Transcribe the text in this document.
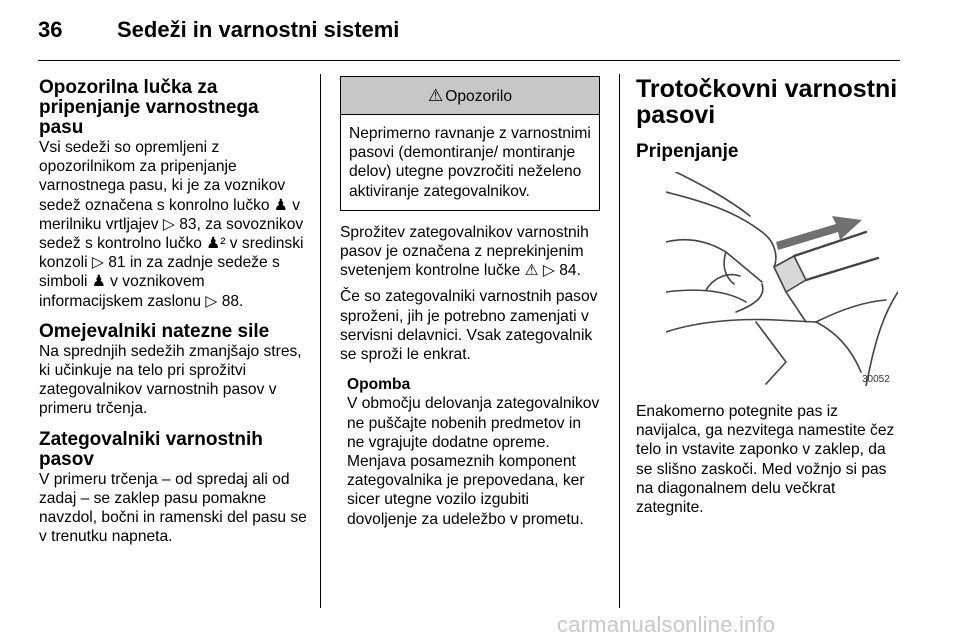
36 Sedeži in varnostni sistemi
Opozorilna lučka za pripenjanje varnostnega pasu

Vsi sedeži so opremljeni z opozorilnikom za pripenjanje varnostnega pasu, ki je za voznikov sedež označena s konrolno lučko ♟ v merilniku vrtljajev ▷ 83, za sovoznikov sedež s kontrolno lučko ♟² v sredinski konzoli ▷ 81 in za zadnje sedeže s simboli ♟ v voznikovem informacijskem zaslonu ▷ 88.

Omejevalniki natezne sile

Na sprednjih sedežih zmanjšajo stres, ki učinkuje na telo pri sprožitvi zategovalnikov varnostnih pasov v primeru trčenja.

Zategovalniki varnostnih pasov

V primeru trčenja – od spredaj ali od zadaj – se zaklep pasu pomakne navzdol, bočni in ramenski del pasu se v trenutku napneta.

⚠ Opozorilo
Neprimerno ravnanje z varnostnimi pasovi (demontiranje/ montiranje delov) utegne povzročiti neželeno aktiviranje zategovalnikov.

Sprožitev zategovalnikov varnostnih pasov je označena z neprekinjenim svetenjem kontrolne lučke ⚠ ▷ 84.

Če so zategovalniki varnostnih pasov sproženi, jih je potrebno zamenjati v servisni delavnici. Vsak zategovalnik se sproži le enkrat.

Opomba
V območju delovanja zategovalnikov ne puščajte nobenih predmetov in ne vgrajujte dodatne opreme. Menjava posameznih komponent zategovalnika je prepovedana, ker sicer utegne vozilo izgubiti dovoljenje za udeležbo v prometu.
Trotočkovni varnostni pasovi
Pripenjanje
30052
Enakomerno potegnite pas iz navijalca, ga nezvitega namestite čez telo in vstavite zaponko v zaklep, da se slišno zaskoči. Med vožnjo si pas na diagonalnem delu večkrat zategnite.
carmanualsonline.info
